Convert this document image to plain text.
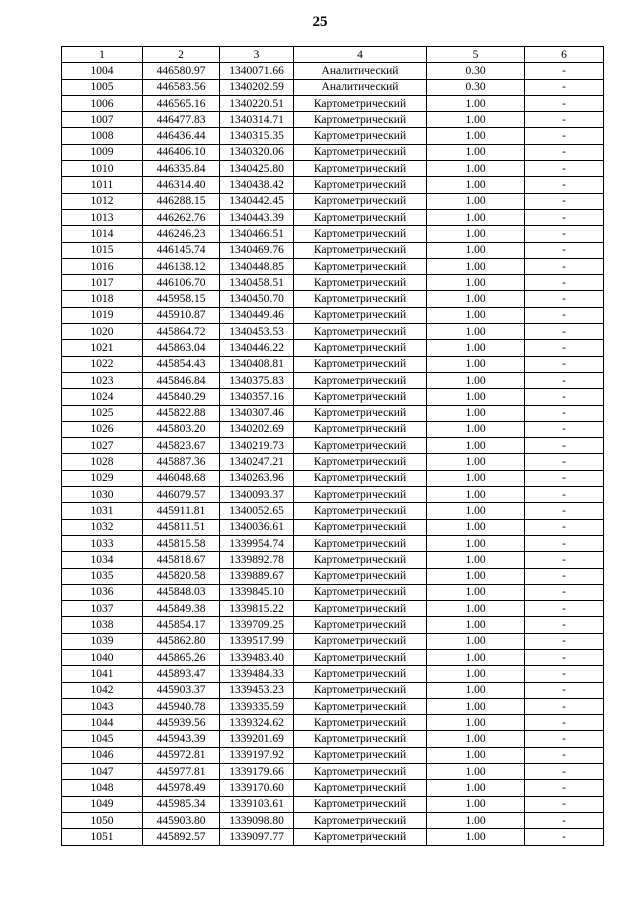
25
1	2	3	4	5	6
1004	446580.97	1340071.66	Аналитический	0.30	-
1005	446583.56	1340202.59	Аналитический	0.30	-
1006	446565.16	1340220.51	Картометрический	1.00	-
1007	446477.83	1340314.71	Картометрический	1.00	-
1008	446436.44	1340315.35	Картометрический	1.00	-
1009	446406.10	1340320.06	Картометрический	1.00	-
1010	446335.84	1340425.80	Картометрический	1.00	-
1011	446314.40	1340438.42	Картометрический	1.00	-
1012	446288.15	1340442.45	Картометрический	1.00	-
1013	446262.76	1340443.39	Картометрический	1.00	-
1014	446246.23	1340466.51	Картометрический	1.00	-
1015	446145.74	1340469.76	Картометрический	1.00	-
1016	446138.12	1340448.85	Картометрический	1.00	-
1017	446106.70	1340458.51	Картометрический	1.00	-
1018	445958.15	1340450.70	Картометрический	1.00	-
1019	445910.87	1340449.46	Картометрический	1.00	-
1020	445864.72	1340453.53	Картометрический	1.00	-
1021	445863.04	1340446.22	Картометрический	1.00	-
1022	445854.43	1340408.81	Картометрический	1.00	-
1023	445846.84	1340375.83	Картометрический	1.00	-
1024	445840.29	1340357.16	Картометрический	1.00	-
1025	445822.88	1340307.46	Картометрический	1.00	-
1026	445803.20	1340202.69	Картометрический	1.00	-
1027	445823.67	1340219.73	Картометрический	1.00	-
1028	445887.36	1340247.21	Картометрический	1.00	-
1029	446048.68	1340263.96	Картометрический	1.00	-
1030	446079.57	1340093.37	Картометрический	1.00	-
1031	445911.81	1340052.65	Картометрический	1.00	-
1032	445811.51	1340036.61	Картометрический	1.00	-
1033	445815.58	1339954.74	Картометрический	1.00	-
1034	445818.67	1339892.78	Картометрический	1.00	-
1035	445820.58	1339889.67	Картометрический	1.00	-
1036	445848.03	1339845.10	Картометрический	1.00	-
1037	445849.38	1339815.22	Картометрический	1.00	-
1038	445854.17	1339709.25	Картометрический	1.00	-
1039	445862.80	1339517.99	Картометрический	1.00	-
1040	445865.26	1339483.40	Картометрический	1.00	-
1041	445893.47	1339484.33	Картометрический	1.00	-
1042	445903.37	1339453.23	Картометрический	1.00	-
1043	445940.78	1339335.59	Картометрический	1.00	-
1044	445939.56	1339324.62	Картометрический	1.00	-
1045	445943.39	1339201.69	Картометрический	1.00	-
1046	445972.81	1339197.92	Картометрический	1.00	-
1047	445977.81	1339179.66	Картометрический	1.00	-
1048	445978.49	1339170.60	Картометрический	1.00	-
1049	445985.34	1339103.61	Картометрический	1.00	-
1050	445903.80	1339098.80	Картометрический	1.00	-
1051	445892.57	1339097.77	Картометрический	1.00	-
